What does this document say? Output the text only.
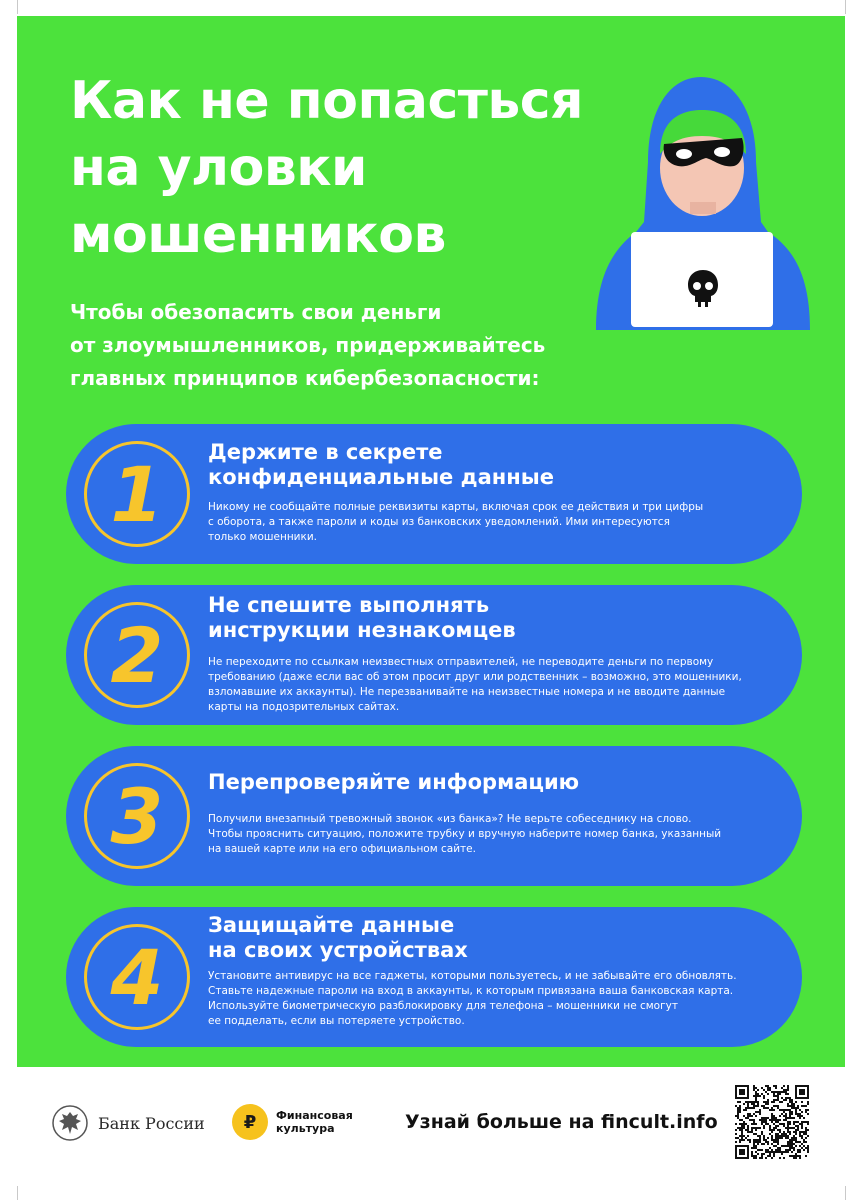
Как не попасться
на уловки
мошенников
Чтобы обезопасить свои деньги
от злоумышленников, придерживайтесь
главных принципов кибербезопасности:
1	Держите в секрете
конфиденциальные данные
Никому не сообщайте полные реквизиты карты, включая срок ее действия и три цифры
с оборота, а также пароли и коды из банковских уведомлений. Ими интересуются
только мошенники.
2
Не спешите выполнять
инструкции незнакомцев
Не переходите по ссылкам неизвестных отправителей, не переводите деньги по первому
требованию (даже если вас об этом просит друг или родственник – возможно, это мошенники,
взломавшие их аккаунты). Не перезванивайте на неизвестные номера и не вводите данные
карты на подозрительных сайтах.
3	Перепроверяйте информацию
Получили внезапный тревожный звонок «из банка»? Не верьте собеседнику на слово.
Чтобы прояснить ситуацию, положите трубку и вручную наберите номер банка, указанный
на вашей карте или на его официальном сайте.
4
Защищайте данные
на своих устройствах
Установите антивирус на все гаджеты, которыми пользуетесь, и не забывайте его обновлять.
Ставьте надежные пароли на вход в аккаунты, к которым привязана ваша банковская карта.
Используйте биометрическую разблокировку для телефона – мошенники не смогут
ее подделать, если вы потеряете устройство.
Банк России	₽	Финансовая
культура	Узнай больше на fincult.info
